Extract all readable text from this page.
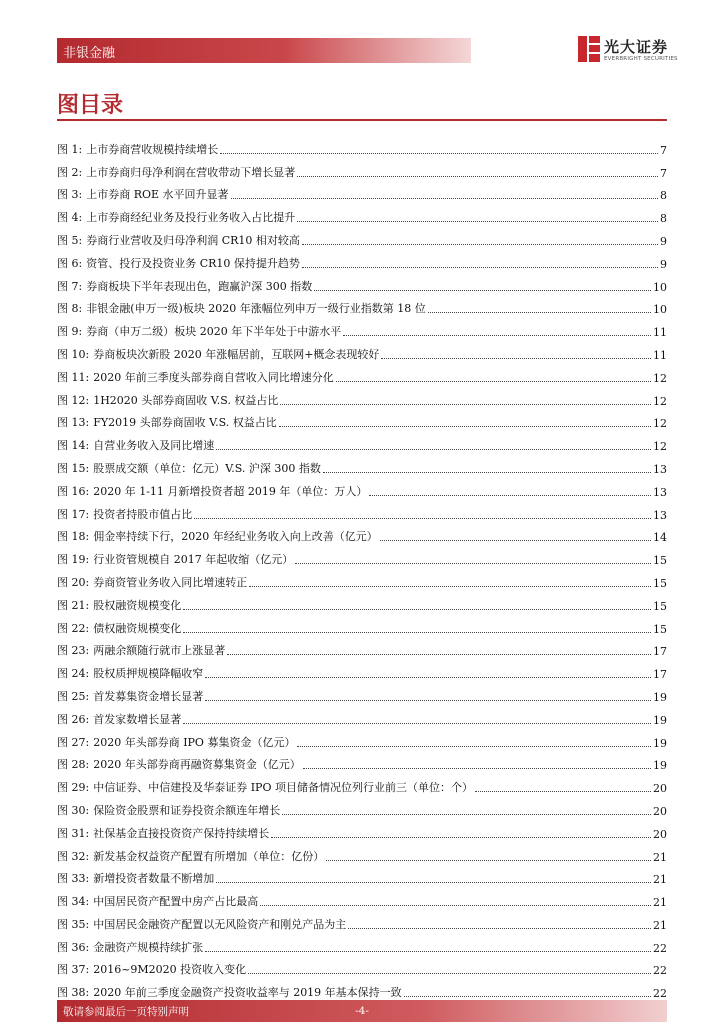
非银金融	光大证券
EVERBRIGHT SECURITIES
图目录
图 1: 上市券商营收规模持续增长	7
图 2: 上市券商归母净利润在营收带动下增长显著	7
图 3: 上市券商 ROE 水平回升显著	8
图 4: 上市券商经纪业务及投行业务收入占比提升	8
图 5: 券商行业营收及归母净利润 CR10 相对较高	9
图 6: 资管、投行及投资业务 CR10 保持提升趋势	9
图 7: 券商板块下半年表现出色，跑赢沪深 300 指数	10
图 8: 非银金融(申万一级)板块 2020 年涨幅位列申万一级行业指数第 18 位	10
图 9: 券商（申万二级）板块 2020 年下半年处于中游水平	11
图 10: 券商板块次新股 2020 年涨幅居前，互联网+概念表现较好	11
图 11: 2020 年前三季度头部券商自营收入同比增速分化	12
图 12: 1H2020 头部券商固收 V.S. 权益占比	12
图 13: FY2019 头部券商固收 V.S. 权益占比	12
图 14: 自营业务收入及同比增速	12
图 15: 股票成交额（单位：亿元）V.S. 沪深 300 指数	13
图 16: 2020 年 1-11 月新增投资者超 2019 年（单位：万人）	13
图 17: 投资者持股市值占比	13
图 18: 佣金率持续下行，2020 年经纪业务收入向上改善（亿元）	14
图 19: 行业资管规模自 2017 年起收缩（亿元）	15
图 20: 券商资管业务收入同比增速转正	15
图 21: 股权融资规模变化	15
图 22: 债权融资规模变化	15
图 23: 两融余额随行就市上涨显著	17
图 24: 股权质押规模降幅收窄	17
图 25: 首发募集资金增长显著	19
图 26: 首发家数增长显著	19
图 27: 2020 年头部券商 IPO 募集资金（亿元）	19
图 28: 2020 年头部券商再融资募集资金（亿元）	19
图 29: 中信证券、中信建投及华泰证券 IPO 项目储备情况位列行业前三（单位：个）	20
图 30: 保险资金股票和证券投资余额连年增长	20
图 31: 社保基金直接投资资产保持持续增长	20
图 32: 新发基金权益资产配置有所增加（单位：亿份）	21
图 33: 新增投资者数量不断增加	21
图 34: 中国居民资产配置中房产占比最高	21
图 35: 中国居民金融资产配置以无风险资产和刚兑产品为主	21
图 36: 金融资产规模持续扩张	22
图 37: 2016~9M2020 投资收入变化	22
图 38: 2020 年前三季度金融资产投资收益率与 2019 年基本保持一致	22
敬请参阅最后一页特别声明	-4-
